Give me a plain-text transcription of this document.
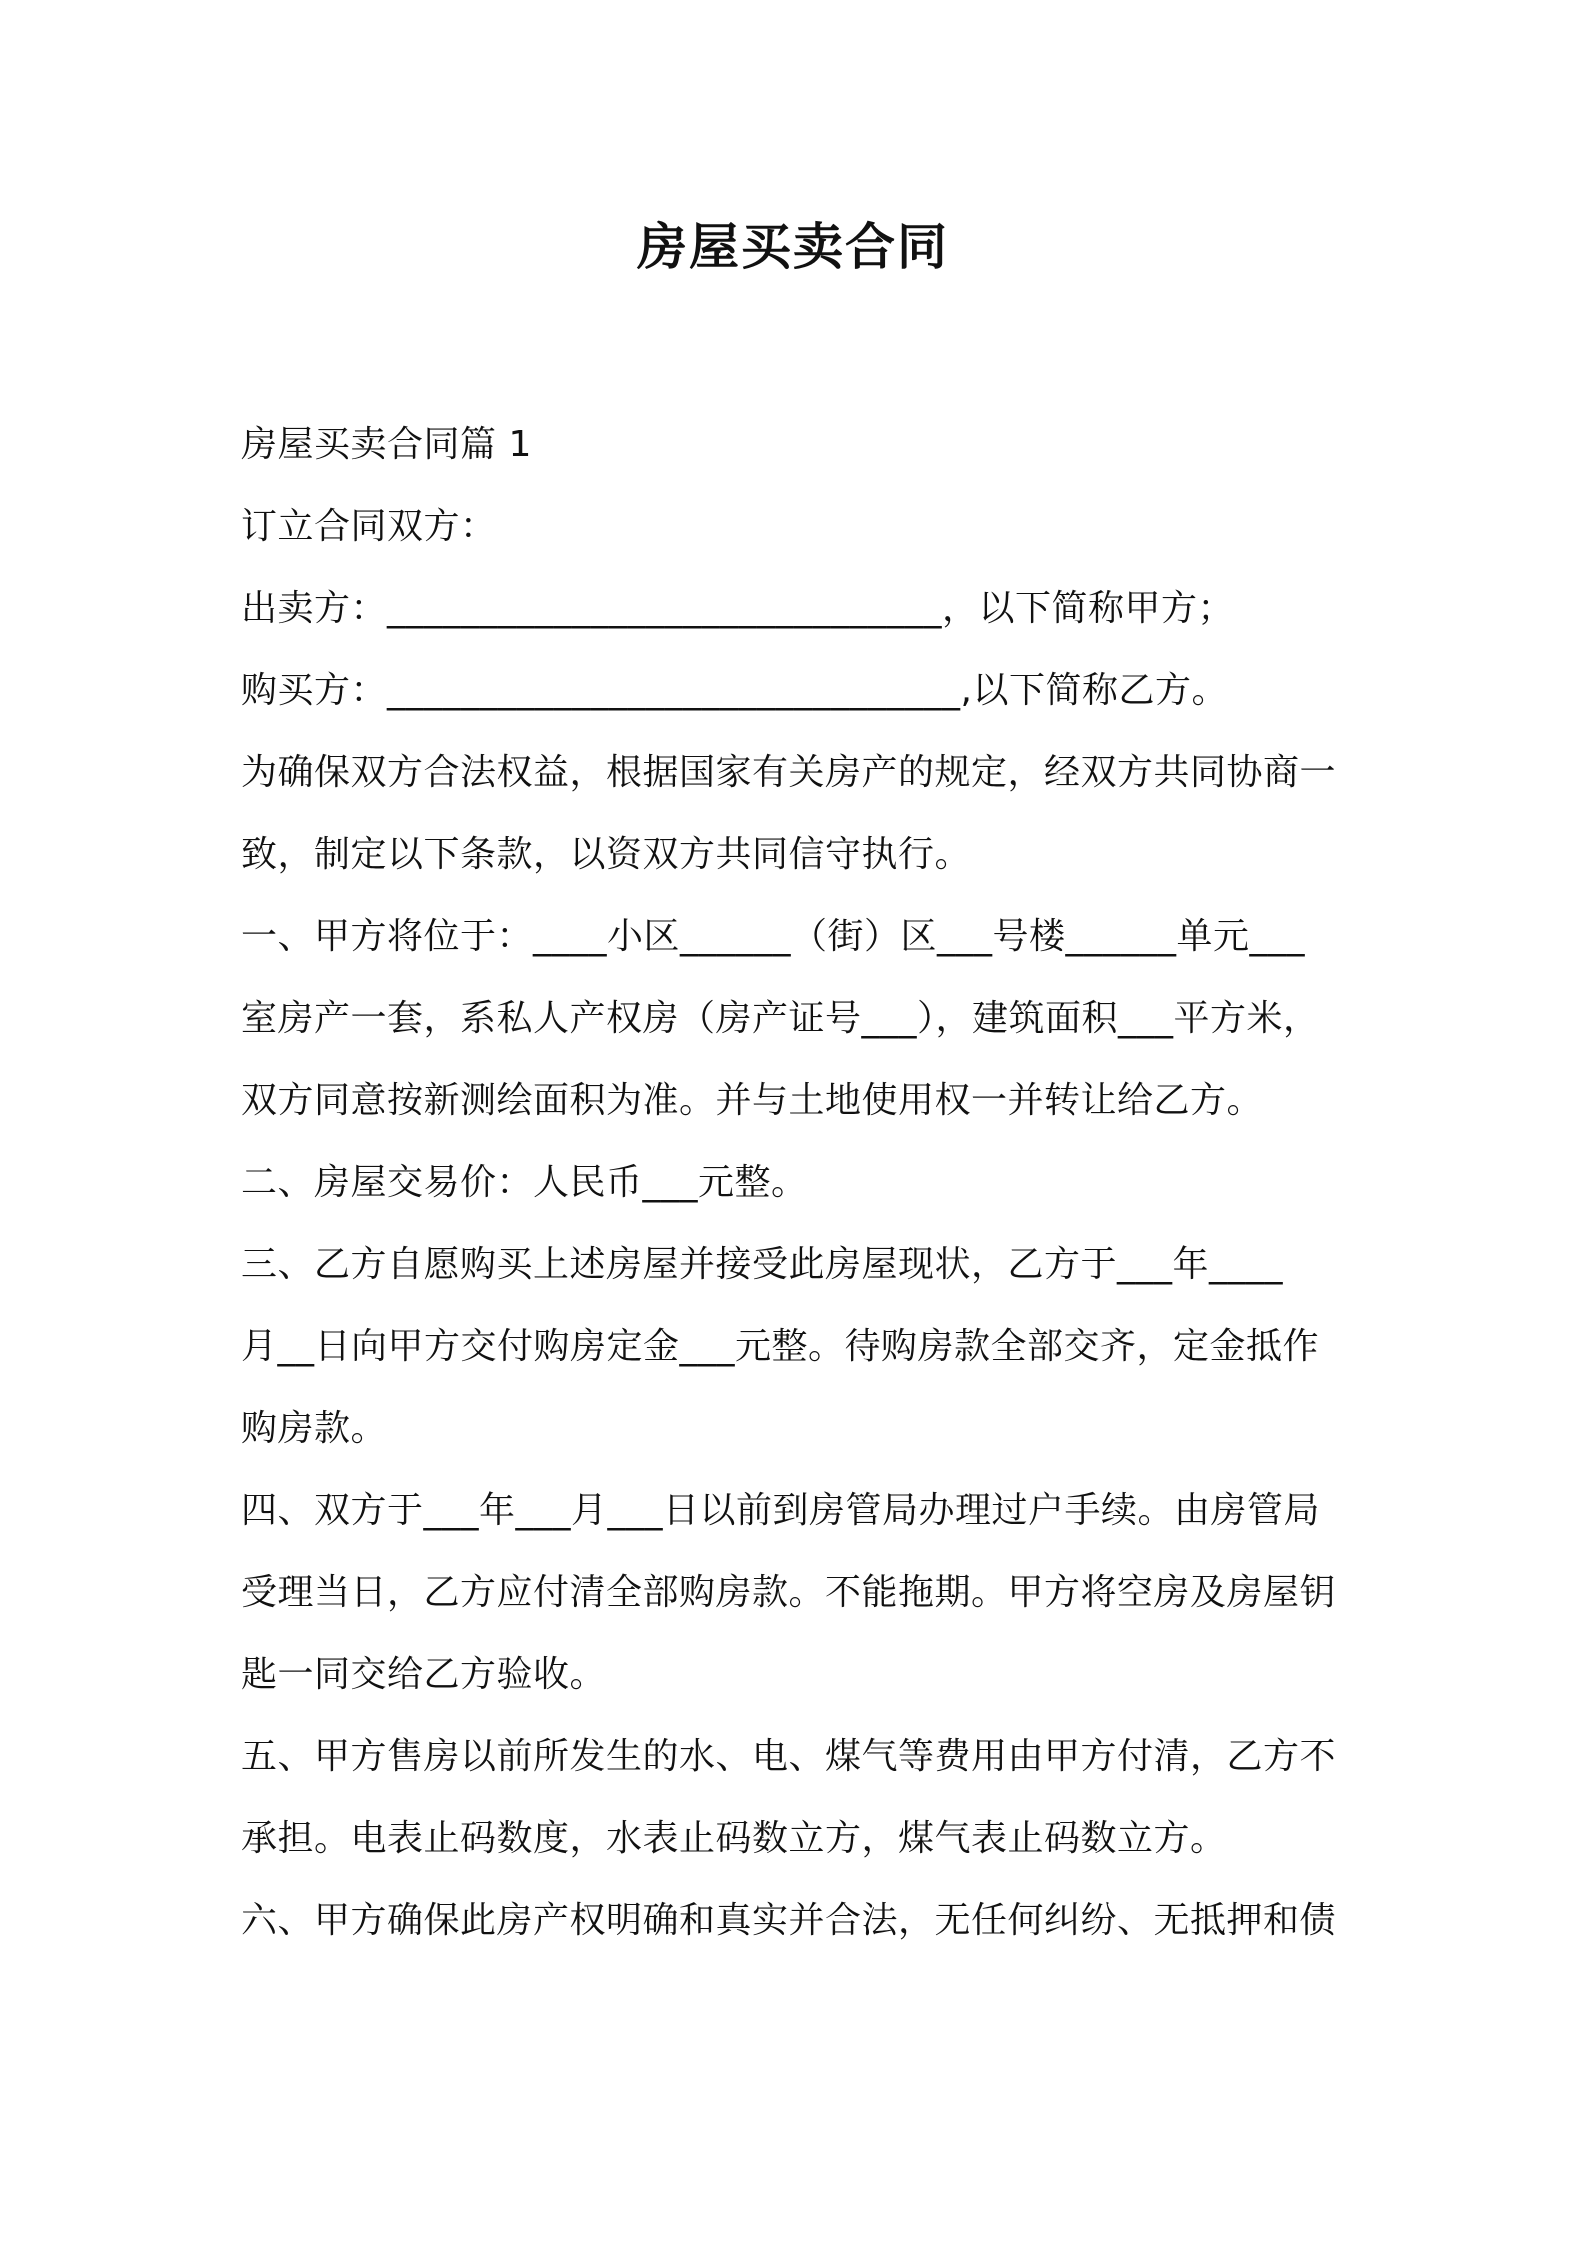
房屋买卖合同

房屋买卖合同篇 1

订立合同双方：

出卖方：______________________________，以下简称甲方；

购买方：_______________________________,以下简称乙方。

为确保双方合法权益，根据国家有关房产的规定，经双方共同协商一

致，制定以下条款，以资双方共同信守执行。

一、甲方将位于：____小区______（街）区___号楼______单元___

室房产一套，系私人产权房（房产证号___），建筑面积___平方米，

双方同意按新测绘面积为准。并与土地使用权一并转让给乙方。

二、房屋交易价：人民币___元整。

三、乙方自愿购买上述房屋并接受此房屋现状，乙方于___年____

月__日向甲方交付购房定金___元整。待购房款全部交齐，定金抵作

购房款。

四、双方于___年___月___日以前到房管局办理过户手续。由房管局

受理当日，乙方应付清全部购房款。不能拖期。甲方将空房及房屋钥

匙一同交给乙方验收。

五、甲方售房以前所发生的水、电、煤气等费用由甲方付清，乙方不

承担。电表止码数度，水表止码数立方，煤气表止码数立方。

六、甲方确保此房产权明确和真实并合法，无任何纠纷、无抵押和债
